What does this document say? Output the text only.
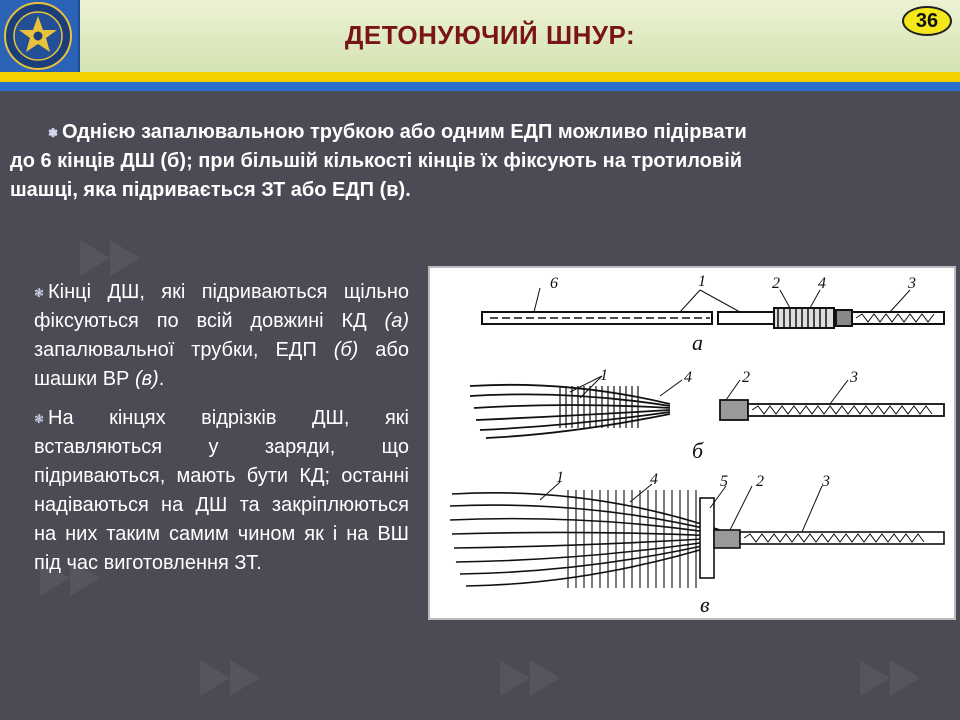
ДЕТОНУЮЧИЙ ШНУР:	36
❃ Однією запалювальною трубкою або одним ЕДП можливо підірвати
до 6 кінців ДШ (б); при більшій кількості кінців їх фіксують на тротиловій
шашці, яка підривається ЗТ або ЕДП (в).

❃ Кінці ДШ, які підриваються щільно фіксуються по всій довжині КД (а) запалювальної трубки, ЕДП (б) або шашки ВР (в).

❃ На кінцях відрізків ДШ, які вставляються у заряди, що підриваються, мають бути КД; останні надіваються на ДШ та закріплюються на них таким самим чином як і на ВШ під час виготовлення ЗТ.

6	1	2 4	3
а
1	4	2	3
б
1	4	5 2	3
в
